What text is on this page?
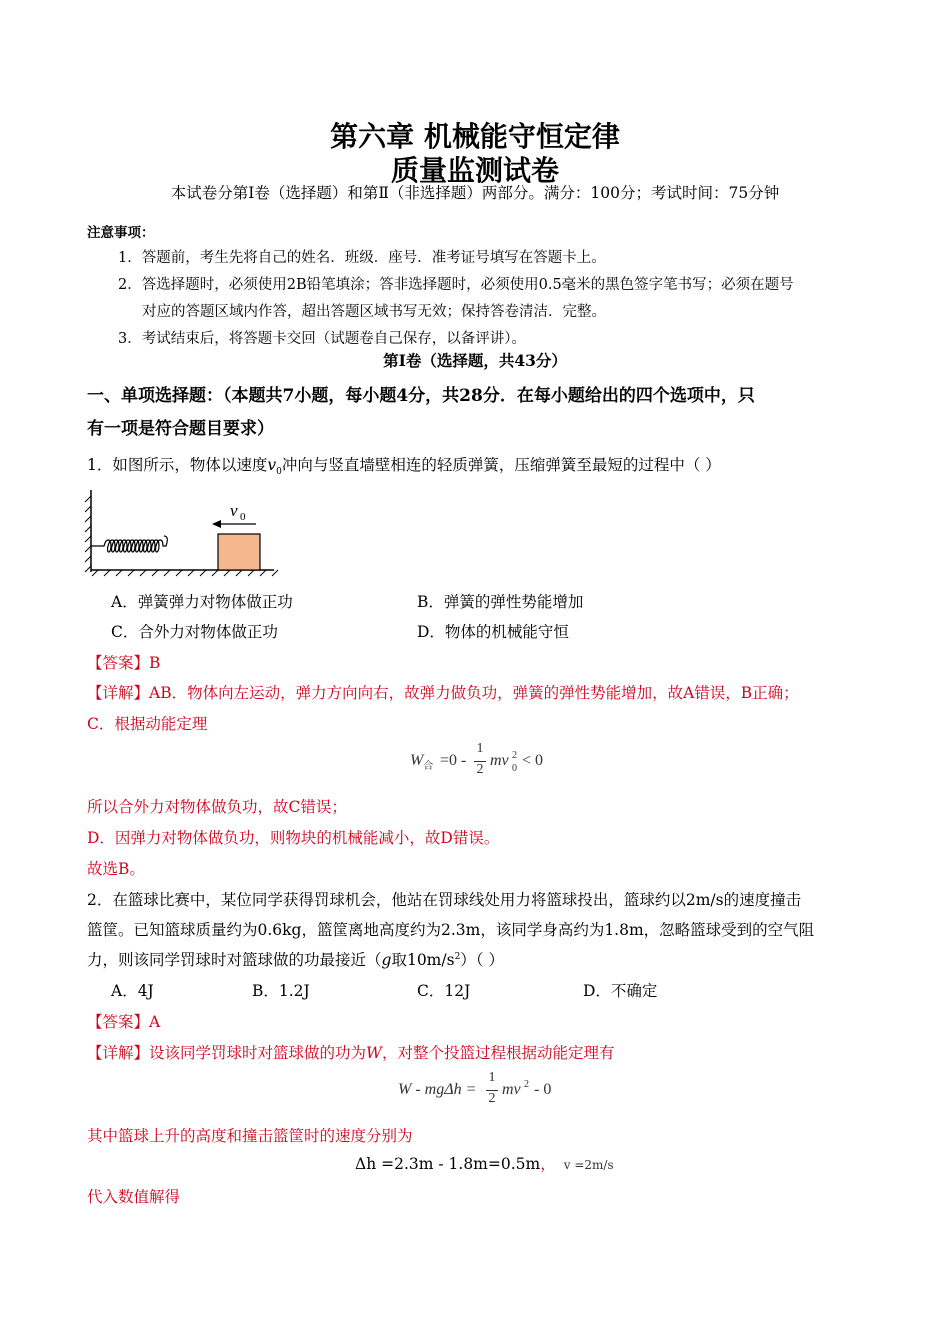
第六章 机械能守恒定律
质量监测试卷
本试卷分第I卷（选择题）和第Ⅱ（非选择题）两部分。满分：100分；考试时间：75分钟
注意事项：
1．答题前，考生先将自己的姓名．班级．座号．准考证号填写在答题卡上。
2．答选择题时，必须使用2B铅笔填涂；答非选择题时，必须使用0.5毫米的黑色签字笔书写；必须在题号
对应的答题区域内作答，超出答题区域书写无效；保持答卷清洁．完整。
3．考试结束后，将答题卡交回（试题卷自己保存，以备评讲）。
第Ⅰ卷（选择题，共43分）
一、单项选择题：（本题共7小题，每小题4分，共28分．在每小题给出的四个选项中，只
有一项是符合题目要求）
1．如图所示，物体以速度$v_0$冲向与竖直墙壁相连的轻质弹簧，压缩弹簧至最短的过程中（ ）
v 0
A．弹簧弹力对物体做正功	B．弹簧的弹性势能增加
C．合外力对物体做正功	D．物体的机械能守恒
【答案】B
【详解】AB．物体向左运动，弹力方向向右，故弹力做负功，弹簧的弹性势能增加，故A错误，B正确；
C．根据动能定理
$W_合 =0$ -
1
2
mv 2
0 < 0
所以合外力对物体做负功，故C错误；
D．因弹力对物体做负功，则物块的机械能减小，故D错误。
故选B。
2．在篮球比赛中，某位同学获得罚球机会，他站在罚球线处用力将篮球投出，篮球约以2m/s的速度撞击
篮筐。已知篮球质量约为0.6kg，篮筐离地高度约为2.3m，该同学身高约为1.8m，忽略篮球受到的空气阻
力，则该同学罚球时对篮球做的功最接近（g取$10m/s^2$）（ ）
A．4J	B．1.2J	C．12J	D．不确定
【答案】A
【详解】设该同学罚球时对篮球做的功为W，对整个投篮过程根据动能定理有
W - mgΔh =
1
2
mv 2 - 0
其中篮球上升的高度和撞击篮筐时的速度分别为
Δh =2.3m - 1.8m=0.5m， v =2m/s
代入数值解得
